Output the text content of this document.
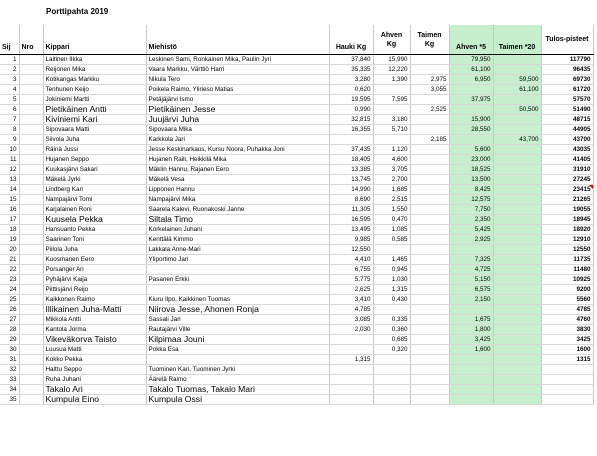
Porttipahta 2019
Sij	Nro	Kippari	Miehistö	Hauki Kg	Ahven Kg	Taimen Kg	Ahven *5	Taimen *20	Tulos-pisteet
1		Laitinen Ilkka	Leskinen Sami, Ronkainen Mika, Paulin Jyri	37,840	15,990		79,950		117790
2		Reijonen Mika	Vaara Markku, Värttiö Harri	35,335	12,220		61,100		96435
3		Kotikangas Markku	Nikula Tero	3,280	1,390	2,975	6,950	59,500	69730
4		Tenhunen Keijo	Poikela Raimo, Ylirieso Matias	0,620		3,055		61,100	61720
5		Jokiniemi Martti	Petäjäjärvi Ismo	19,595	7,595		37,975		57570
6		Pietikäinen Antti	Pietikäinen Jesse	0,990		2,525		50,500	51490
7		Kiviniemi Kari	Juujärvi Juha	32,815	3,180		15,900		48715
8		Sipovaara Matti	Sipovaara Mika	16,355	5,710		28,550		44905
9		Siivola Juha	Karkkola Jari			2,185		43,700	43700
10		Räinä Jussi	Jesse Keskinarkaus, Kursu Noora, Puhakka Joni	37,435	1,120		5,600		43035
11		Hujanen Seppo	Hujanen Raili, Heikkilä Mika	18,405	4,600		23,000		41405
12		Kuukasjärvi Sakari	Mäklin Hannu, Rajanen Eero	13,385	3,705		18,525		31910
13		Mäkelä Jyrki	Mäkelä Vesa	13,745	2,700		13,500		27245
14		Lindberg Kari	Lipponen Hannu	14,990	1,685		8,425		23415
15		Nampajärvi Tomi	Nampajärvi Mika	8,690	2,515		12,575		21265
16		Karjalainen Roni	Saarela Kalevi, Ruonakoski Janne	11,305	1,550		7,750		19055
17		Kuusela Pekka	Siltala Timo	16,595	0,470		2,350		18945
18		Hansuanto Pekka	Korkelainen Juhani	13,495	1,085		5,425		18920
19		Saarinen Toni	Kenttälä Kimmo	9,985	0,585		2,925		12910
20		Piilola Juha	Lakkala Anne-Mari	12,550					12550
21		Kuosmanen Eero	Yliportimo Jari	4,410	1,465		7,325		11735
22		Porsanger Ari		6,755	0,945		4,725		11480
23		Pyhäjärvi Kaija	Pasanen Erkki	5,775	1,030		5,150		10925
24		Piittisjärvi Reijo		2,625	1,315		6,575		9200
25		Kaikkonen Raimo	Kiuru Ilpo, Kaikkinen Tuomas	3,410	0,430		2,150		5560
26		Illikainen Juha-Matti	Niirova Jesse, Ahonen Ronja	4,785					4785
27		Mikkola Antti	Sassali Jari	3,085	0,335		1,675		4760
28		Kantola Jorma	Rautajärvi Ville	2,030	0,360		1,800		3830
29		Vikeväkorva Taisto	Kilpimaa Jouni		0,685		3,425		3425
30		Luusua Matti	Pokka Esa		0,320		1,600		1600
31		Kokko Pekka		1,315					1315
32		Halttu Seppo	Tuominen Kari, Tuominen Jyrki						
33		Ruha Juhani	Äärelä Raimo						
34		Takalo Ari	Takalo Tuomas, Takalo Mari						
35		Kumpula Eino	Kumpula Ossi						
